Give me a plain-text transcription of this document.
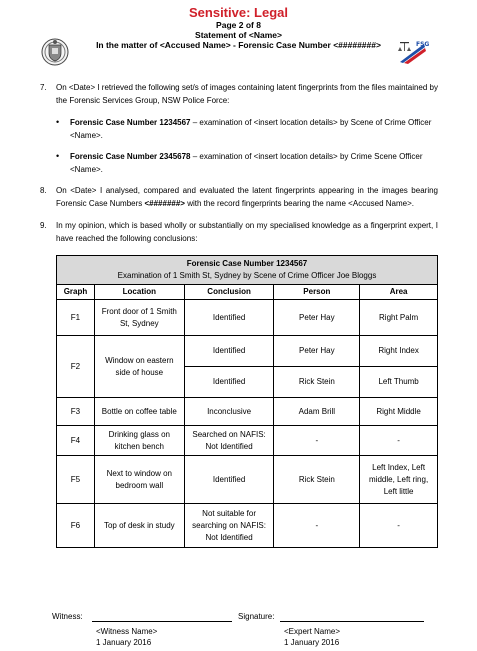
Sensitive: Legal
Page 2 of 8
Statement of <Name>
In the matter of <Accused Name> - Forensic Case Number <########>	FSG
7. On <Date> I retrieved the following set/s of images containing latent fingerprints from the files maintained by the Forensic Services Group, NSW Police Force:
• Forensic Case Number 1234567 – examination of <insert location details> by Scene of Crime Officer <Name>.
• Forensic Case Number 2345678 – examination of <insert location details> by Crime Scene Officer <Name>.
8. On <Date> I analysed, compared and evaluated the latent fingerprints appearing in the images bearing Forensic Case Numbers <#######> with the record fingerprints bearing the name <Accused Name>.
9. In my opinion, which is based wholly or substantially on my specialised knowledge as a fingerprint expert, I have reached the following conclusions:
Forensic Case Number 1234567
Examination of 1 Smith St, Sydney by Scene of Crime Officer Joe Bloggs				
Graph	Location	Conclusion	Person	Area
F1	Front door of 1 Smith St, Sydney	Identified	Peter Hay	Right Palm
F2	Window on eastern side of house	Identified	Peter Hay	Right Index
		Identified	Rick Stein	Left Thumb
F3	Bottle on coffee table	Inconclusive	Adam Brill	Right Middle
F4	Drinking glass on kitchen bench	Searched on NAFIS: Not Identified	-	-
F5	Next to window on bedroom wall	Identified	Rick Stein	Left Index, Left middle, Left ring, Left little
F6	Top of desk in study	Not suitable for searching on NAFIS: Not Identified	-	-
Witness:	Signature:
<Witness Name>
1 January 2016
<Expert Name>
1 January 2016
